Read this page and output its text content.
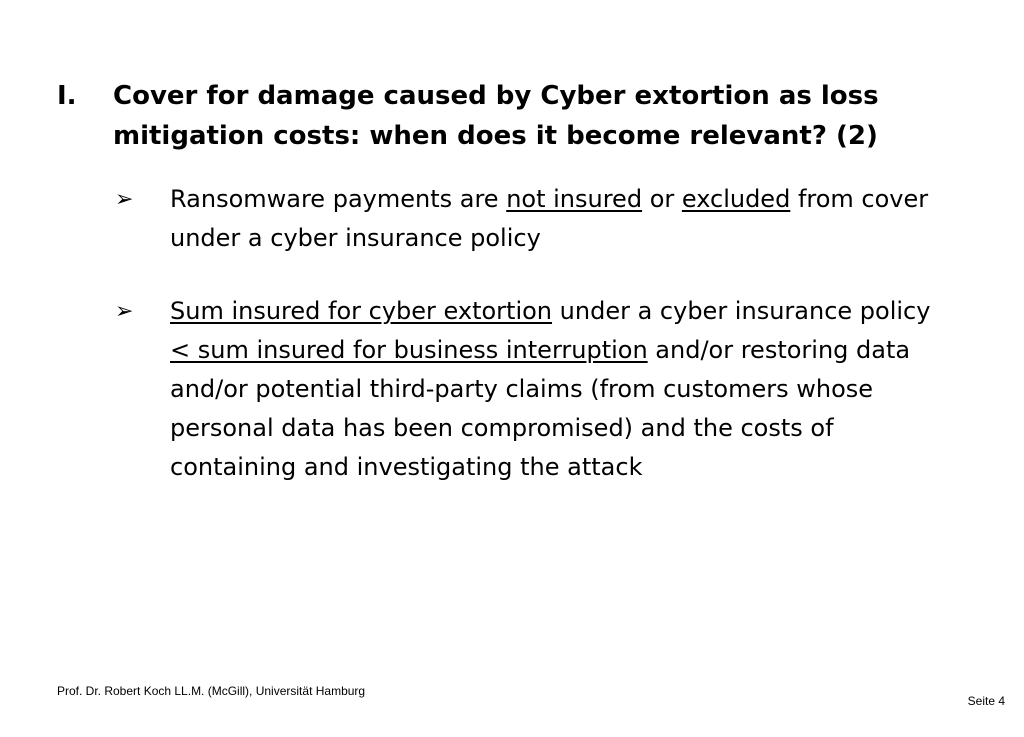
I. Cover for damage caused by Cyber extortion as loss mitigation costs: when does it become relevant? (2)
➢ Ransomware payments are not insured or excluded from cover under a cyber insurance policy
➢ Sum insured for cyber extortion under a cyber insurance policy < sum insured for business interruption and/or restoring data and/or potential third-party claims (from customers whose personal data has been compromised) and the costs of containing and investigating the attack
Prof. Dr. Robert Koch LL.M. (McGill), Universität Hamburg
Seite 4
